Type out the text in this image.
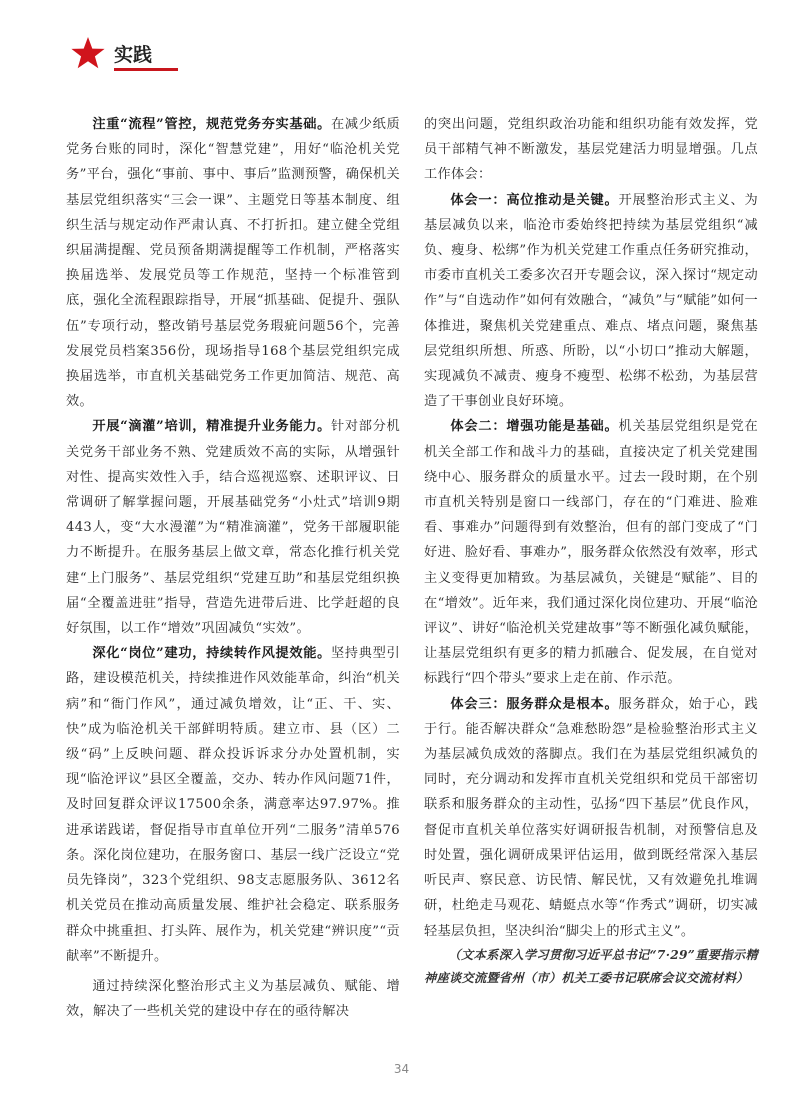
实践

注重“流程”管控，规范党务夯实基础。在减少纸质党务台账的同时，深化“智慧党建”，用好“临沧机关党务”平台，强化“事前、事中、事后”监测预警，确保机关基层党组织落实“三会一课”、主题党日等基本制度、组织生活与规定动作严肃认真、不打折扣。建立健全党组织届满提醒、党员预备期满提醒等工作机制，严格落实换届选举、发展党员等工作规范，坚持一个标准管到底，强化全流程跟踪指导，开展“抓基础、促提升、强队伍”专项行动，整改销号基层党务瑕疵问题56个，完善发展党员档案356份，现场指导168个基层党组织完成换届选举，市直机关基础党务工作更加简洁、规范、高效。

开展“滴灌”培训，精准提升业务能力。针对部分机关党务干部业务不熟、党建质效不高的实际，从增强针对性、提高实效性入手，结合巡视巡察、述职评议、日常调研了解掌握问题，开展基础党务“小灶式”培训9期443人，变“大水漫灌”为“精准滴灌”，党务干部履职能力不断提升。在服务基层上做文章，常态化推行机关党建“上门服务”、基层党组织“党建互助”和基层党组织换届“全覆盖进驻”指导，营造先进带后进、比学赶超的良好氛围，以工作“增效”巩固减负“实效”。

深化“岗位”建功，持续转作风提效能。坚持典型引路，建设模范机关，持续推进作风效能革命，纠治“机关病”和“衙门作风”，通过减负增效，让“正、干、实、快”成为临沧机关干部鲜明特质。建立市、县（区）二级“码”上反映问题、群众投诉诉求分办处置机制，实现“临沧评议”县区全覆盖，交办、转办作风问题71件，及时回复群众评议17500余条，满意率达97.97%。推进承诺践诺，督促指导市直单位开列“二服务”清单576条。深化岗位建功，在服务窗口、基层一线广泛设立“党员先锋岗”，323个党组织、98支志愿服务队、3612名机关党员在推动高质量发展、维护社会稳定、联系服务群众中挑重担、打头阵、展作为，机关党建“辨识度”“贡献率”不断提升。

通过持续深化整治形式主义为基层减负、赋能、增效，解决了一些机关党的建设中存在的亟待解决

的突出问题，党组织政治功能和组织功能有效发挥，党员干部精气神不断激发，基层党建活力明显增强。几点工作体会：

体会一：高位推动是关键。开展整治形式主义、为基层减负以来，临沧市委始终把持续为基层党组织“减负、瘦身、松绑”作为机关党建工作重点任务研究推动，市委市直机关工委多次召开专题会议，深入探讨“规定动作”与“自选动作”如何有效融合，“减负”与“赋能”如何一体推进，聚焦机关党建重点、难点、堵点问题，聚焦基层党组织所想、所惑、所盼，以“小切口”推动大解题，实现减负不减责、瘦身不瘦型、松绑不松劲，为基层营造了干事创业良好环境。

体会二：增强功能是基础。机关基层党组织是党在机关全部工作和战斗力的基础，直接决定了机关党建围绕中心、服务群众的质量水平。过去一段时期，在个别市直机关特别是窗口一线部门，存在的“门难进、脸难看、事难办”问题得到有效整治，但有的部门变成了“门好进、脸好看、事难办”，服务群众依然没有效率，形式主义变得更加精致。为基层减负，关键是“赋能”、目的在“增效”。近年来，我们通过深化岗位建功、开展“临沧评议”、讲好“临沧机关党建故事”等不断强化减负赋能，让基层党组织有更多的精力抓融合、促发展，在自觉对标践行“四个带头”要求上走在前、作示范。

体会三：服务群众是根本。服务群众，始于心，践于行。能否解决群众“急难愁盼怨”是检验整治形式主义为基层减负成效的落脚点。我们在为基层党组织减负的同时，充分调动和发挥市直机关党组织和党员干部密切联系和服务群众的主动性，弘扬“四下基层”优良作风，督促市直机关单位落实好调研报告机制，对预警信息及时处置，强化调研成果评估运用，做到既经常深入基层听民声、察民意、访民情、解民忧，又有效避免扎堆调研，杜绝走马观花、蜻蜓点水等“作秀式”调研，切实减轻基层负担，坚决纠治“脚尖上的形式主义”。

（文本系深入学习贯彻习近平总书记“7·29”重要指示精神座谈交流暨省州（市）机关工委书记联席会议交流材料）

34
